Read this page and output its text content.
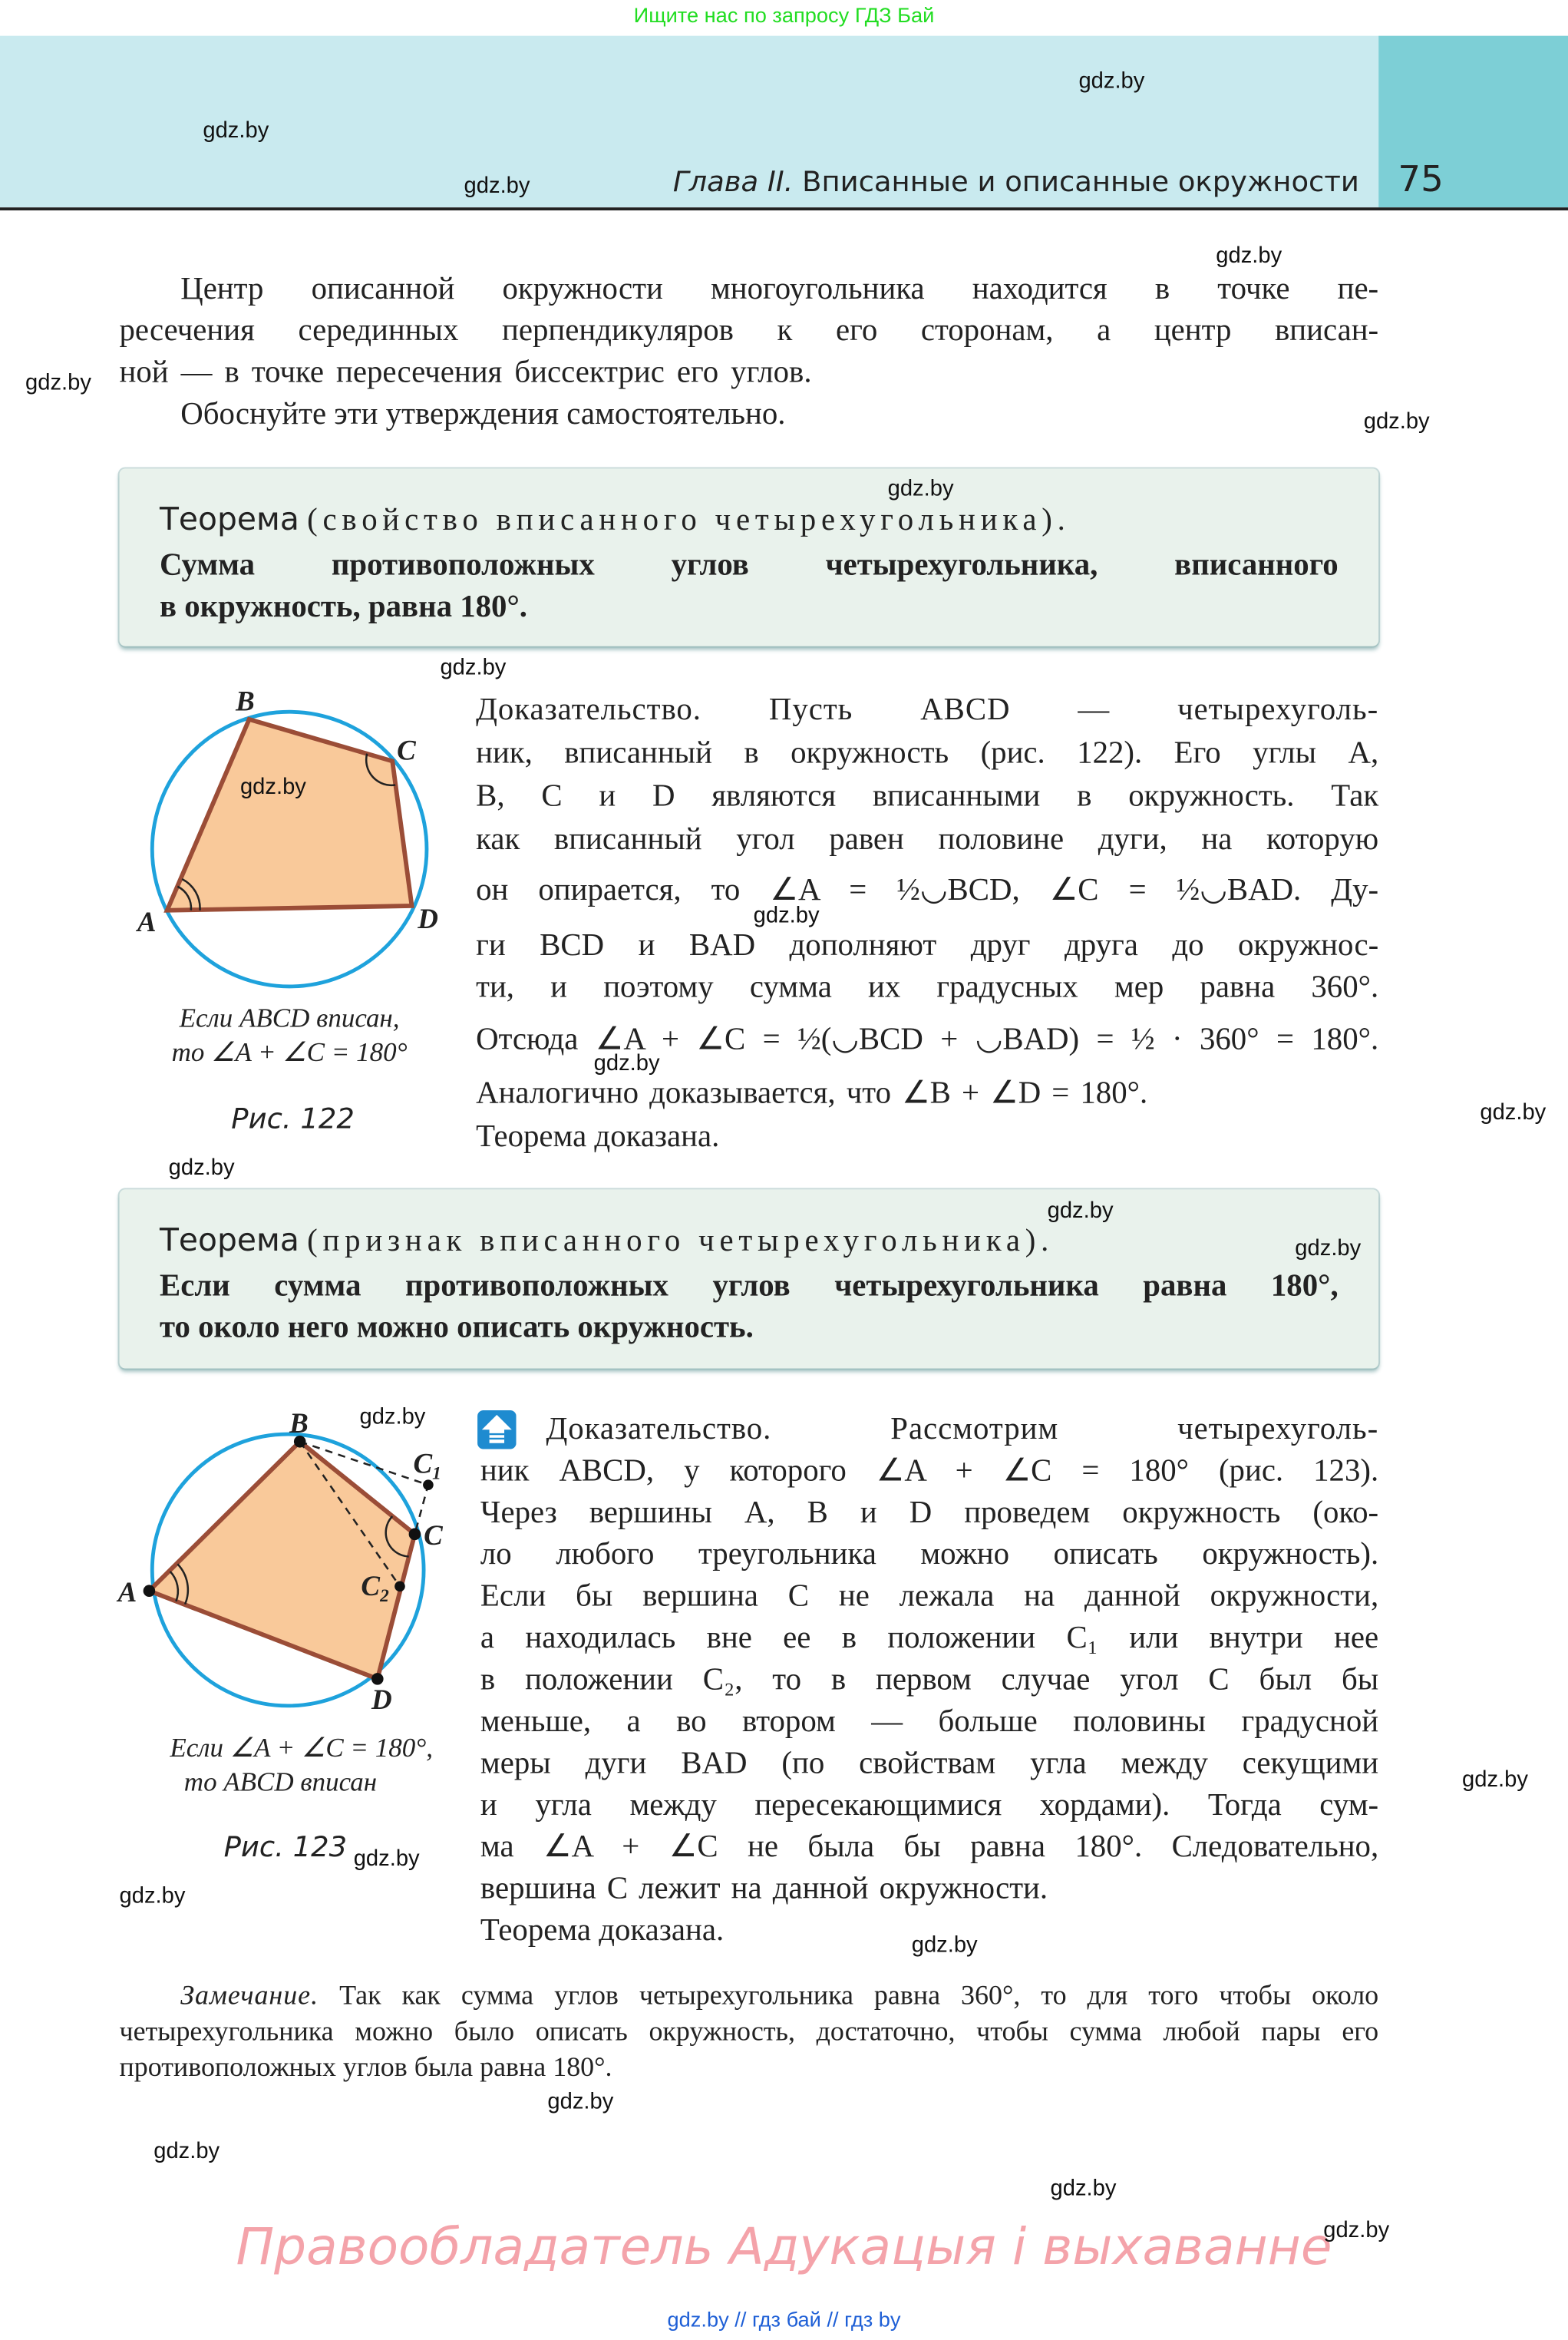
Ищите нас по запросу ГДЗ Бай
Глава II. Вписанные и описанные окружности 75
Центр описанной окружности многоугольника находится в точке пе-
ресечения серединных перпендикуляров к его сторонам, а центр вписан-
ной — в точке пересечения биссектрис его углов.
Обоснуйте эти утверждения самостоятельно.
Теорема (свойство вписанного четырехугольника).
Сумма противоположных углов четырехугольника, вписанного
в окружность, равна 180°.
B
C
D
A
Если ABCD вписан,
то ∠A + ∠C = 180°
Рис. 122
Доказательство. Пусть ABCD — четырехуголь-
ник, вписанный в окружность (рис. 122). Его углы A,
B, C и D являются вписанными в окружность. Так
как вписанный угол равен половине дуги, на которую
он опирается, то ∠A = ½◡BCD, ∠C = ½◡BAD. Ду-
ги BCD и BAD дополняют друг друга до окружнос-
ти, и поэтому сумма их градусных мер равна 360°.
Отсюда ∠A + ∠C = ½(◡BCD + ◡BAD) = ½ · 360° = 180°.
Аналогично доказывается, что ∠B + ∠D = 180°.
Теорема доказана.
Теорема (признак вписанного четырехугольника).
Если сумма противоположных углов четырехугольника равна 180°,
то около него можно описать окружность.
B
C
D
A
$C_1$
$C_2$
Если ∠A + ∠C = 180°,
то ABCD вписан
Рис. 123
Доказательство. Рассмотрим четырехуголь-
ник ABCD, у которого ∠A + ∠C = 180° (рис. 123).
Через вершины A, B и D проведем окружность (око-
ло любого треугольника можно описать окружность).
Если бы вершина C не лежала на данной окружности,
а находилась вне ее в положении C₁ или внутри нее
в положении C₂, то в первом случае угол C был бы
меньше, а во втором — больше половины градусной
меры дуги BAD (по свойствам угла между секущими
и угла между пересекающимися хордами). Тогда сум-
ма ∠A + ∠C не была бы равна 180°. Следовательно,
вершина C лежит на данной окружности.
Теорема доказана.
Замечание. Так как сумма углов четырехугольника равна 360°, то для того чтобы около четырехугольника можно было описать окружность, достаточно, чтобы сумма любой пары его противоположных углов была равна 180°.
Правообладатель Адукацыя і выхаванне
gdz.by // гдз бай // гдз by
gdz.by
gdz.by
gdz.by
gdz.by
gdz.by
gdz.by
gdz.by
gdz.by
gdz.by
gdz.by
gdz.by
gdz.by
gdz.by
gdz.by
gdz.by
gdz.by
gdz.by
gdz.by
gdz.by
gdz.by
gdz.by
gdz.by
gdz.by
gdz.by
